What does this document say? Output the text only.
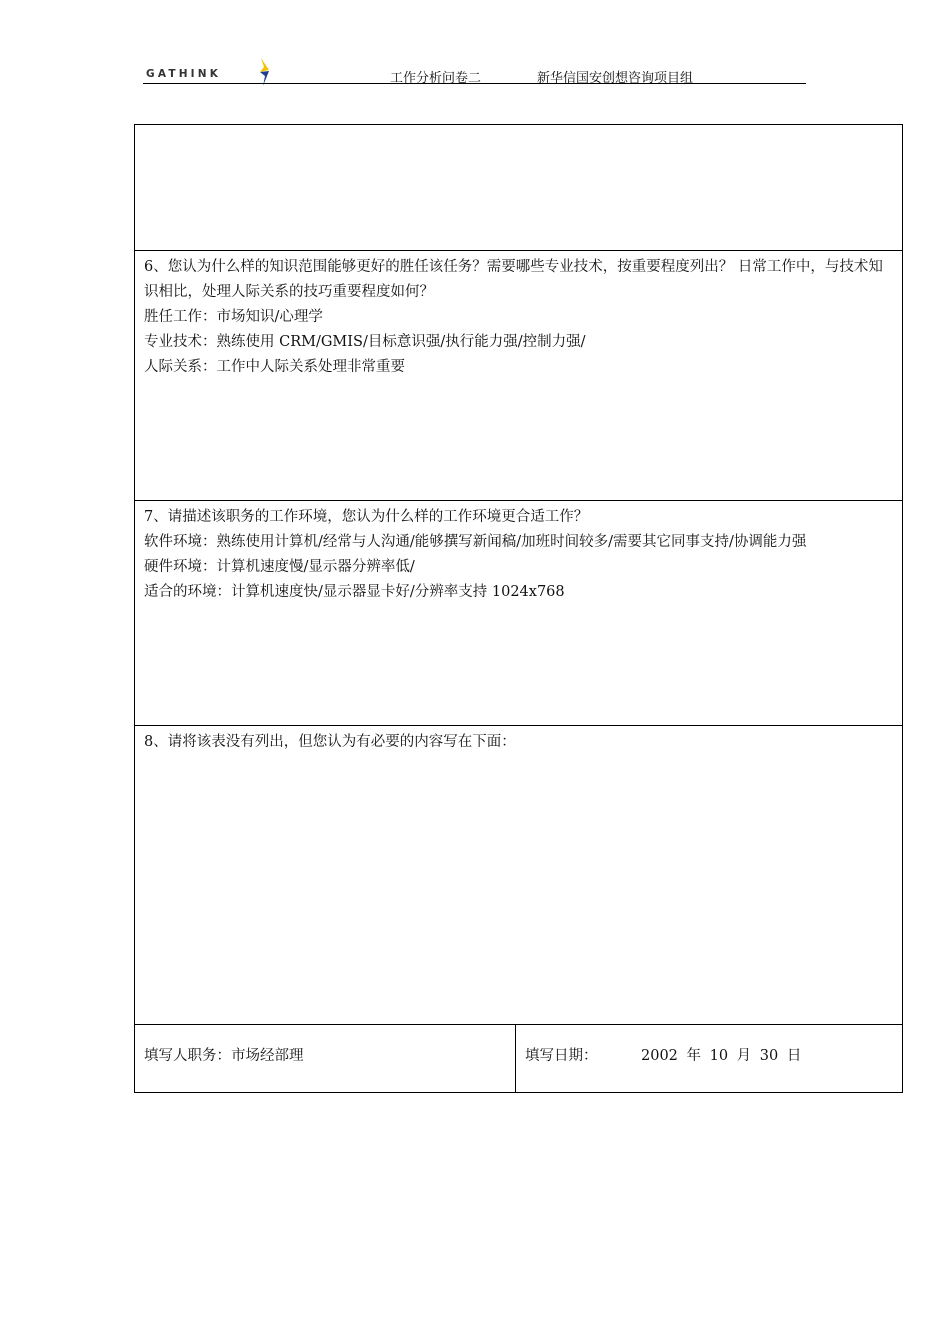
GATHINK	工作分析问卷二	新华信国安创想咨询项目组

6、您认为什么样的知识范围能够更好的胜任该任务？需要哪些专业技术，按重要程度列出？ 日常工作中，与技术知识相比，处理人际关系的技巧重要程度如何？

胜任工作：市场知识/心理学

专业技术：熟练使用 CRM/GMIS/目标意识强/执行能力强/控制力强/

人际关系：工作中人际关系处理非常重要

7、请描述该职务的工作环境，您认为什么样的工作环境更合适工作？

软件环境：熟练使用计算机/经常与人沟通/能够撰写新闻稿/加班时间较多/需要其它同事支持/协调能力强

硬件环境：计算机速度慢/显示器分辨率低/

适合的环境：计算机速度快/显示器显卡好/分辨率支持 1024x768

8、请将该表没有列出，但您认为有必要的内容写在下面：

填写人职务：市场经部理	填写日期：	2002 年 10 月 30 日
